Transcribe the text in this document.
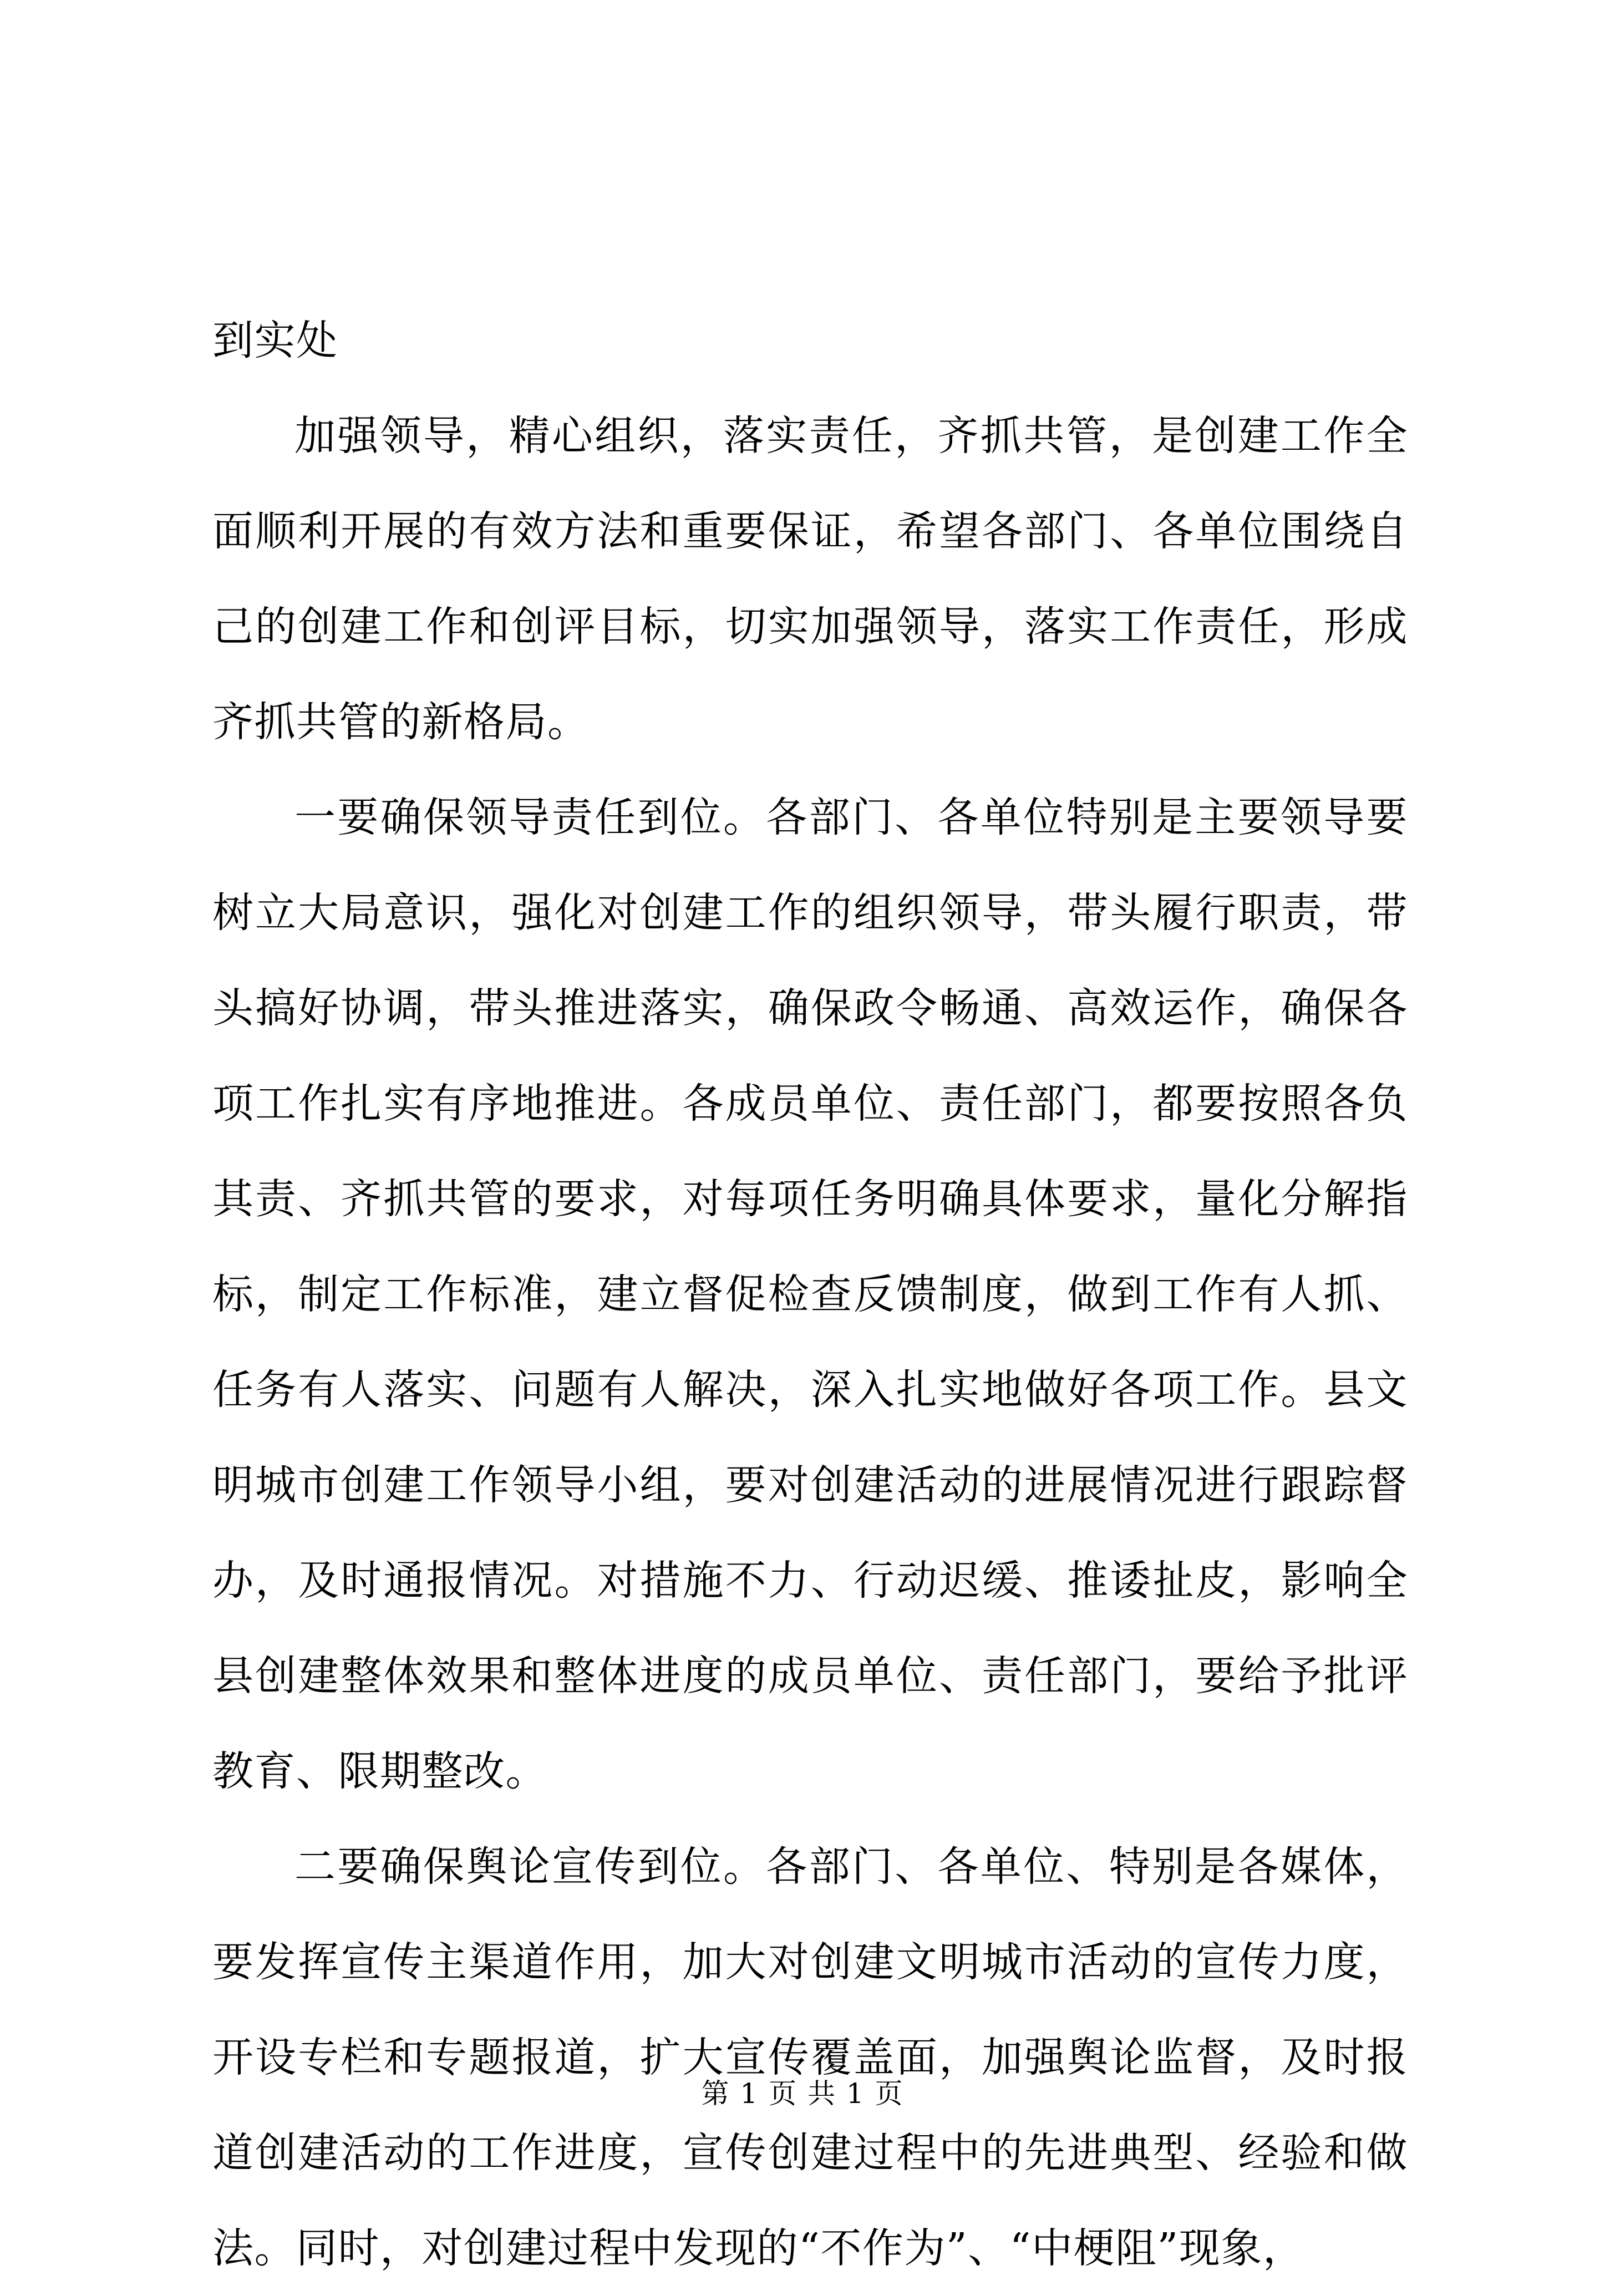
到实处

加强领导，精心组织，落实责任，齐抓共管，是创建工作全面顺利开展的有效方法和重要保证，希望各部门、各单位围绕自己的创建工作和创评目标，切实加强领导，落实工作责任，形成齐抓共管的新格局。

一要确保领导责任到位。各部门、各单位特别是主要领导要树立大局意识，强化对创建工作的组织领导，带头履行职责，带头搞好协调，带头推进落实，确保政令畅通、高效运作，确保各项工作扎实有序地推进。各成员单位、责任部门，都要按照各负其责、齐抓共管的要求，对每项任务明确具体要求，量化分解指标，制定工作标准，建立督促检查反馈制度，做到工作有人抓、任务有人落实、问题有人解决，深入扎实地做好各项工作。县文明城市创建工作领导小组，要对创建活动的进展情况进行跟踪督办，及时通报情况。对措施不力、行动迟缓、推诿扯皮，影响全县创建整体效果和整体进度的成员单位、责任部门，要给予批评教育、限期整改。

二要确保舆论宣传到位。各部门、各单位、特别是各媒体，要发挥宣传主渠道作用，加大对创建文明城市活动的宣传力度，开设专栏和专题报道，扩大宣传覆盖面，加强舆论监督，及时报道创建活动的工作进度，宣传创建过程中的先进典型、经验和做法。同时，对创建过程中发现的“不作为”、“中梗阻”现象，

第 1 页 共 1 页
